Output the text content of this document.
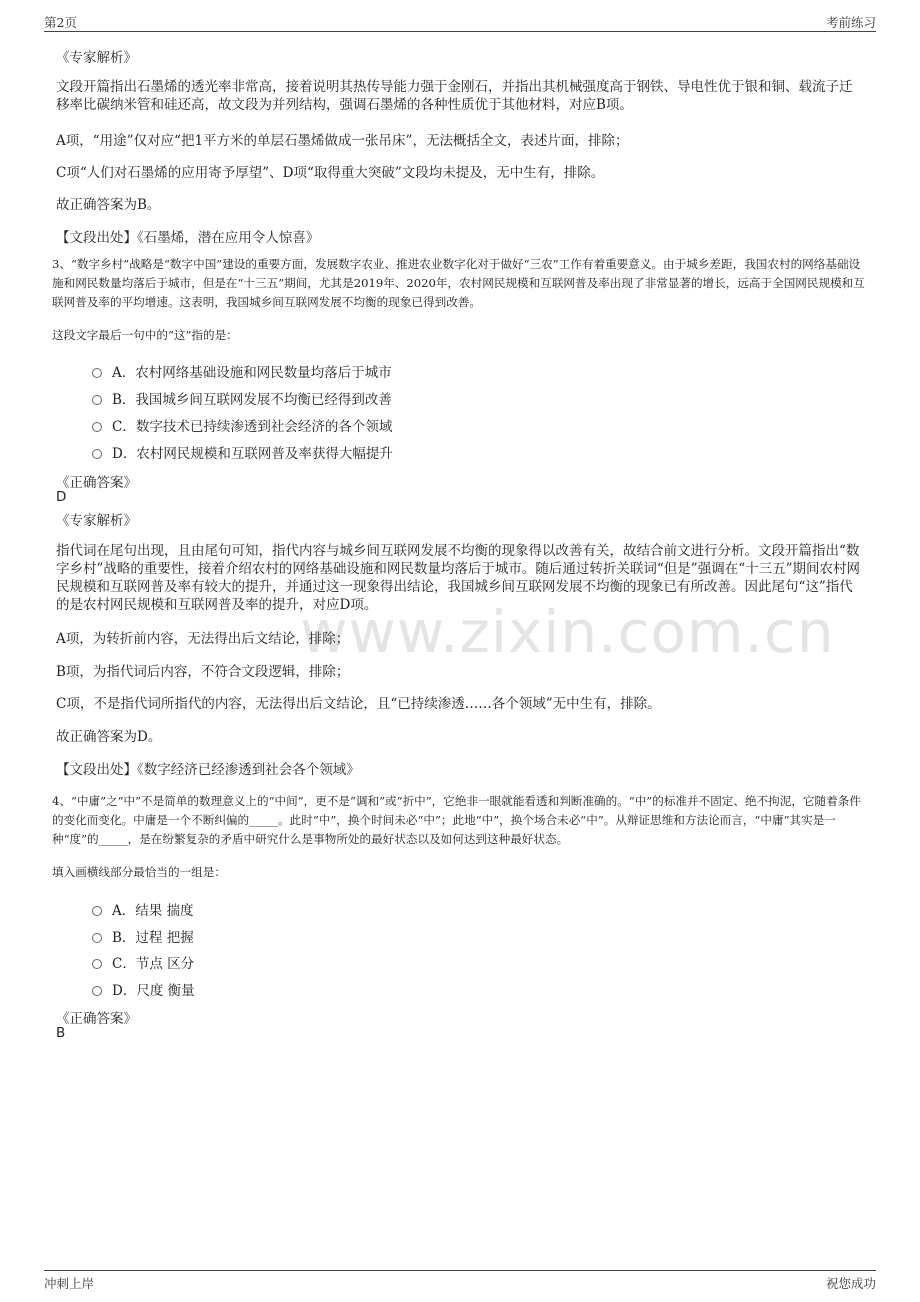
第2页	考前练习
www.zixin.com.cn
《专家解析》
文段开篇指出石墨烯的透光率非常高，接着说明其热传导能力强于金刚石，并指出其机械强度高于钢铁、导电性优于银和铜、载流子迁移率比碳纳米管和硅还高，故文段为并列结构，强调石墨烯的各种性质优于其他材料，对应B项。
A项，“用途”仅对应“把1平方米的单层石墨烯做成一张吊床”，无法概括全文，表述片面，排除；
C项“人们对石墨烯的应用寄予厚望”、D项“取得重大突破”文段均未提及，无中生有，排除。
故正确答案为B。
【文段出处】《石墨烯，潜在应用令人惊喜》
3、“数字乡村”战略是“数字中国”建设的重要方面，发展数字农业、推进农业数字化对于做好“三农”工作有着重要意义。由于城乡差距，我国农村的网络基础设施和网民数量均落后于城市，但是在“十三五”期间，尤其是2019年、2020年，农村网民规模和互联网普及率出现了非常显著的增长，远高于全国网民规模和互联网普及率的平均增速。这表明，我国城乡间互联网发展不均衡的现象已得到改善。
这段文字最后一句中的“这”指的是：
A．农村网络基础设施和网民数量均落后于城市
B．我国城乡间互联网发展不均衡已经得到改善
C．数字技术已持续渗透到社会经济的各个领域
D．农村网民规模和互联网普及率获得大幅提升
《正确答案》
D
《专家解析》
指代词在尾句出现，且由尾句可知，指代内容与城乡间互联网发展不均衡的现象得以改善有关，故结合前文进行分析。文段开篇指出“数字乡村”战略的重要性，接着介绍农村的网络基础设施和网民数量均落后于城市。随后通过转折关联词“但是”强调在“十三五”期间农村网民规模和互联网普及率有较大的提升，并通过这一现象得出结论，我国城乡间互联网发展不均衡的现象已有所改善。因此尾句“这”指代的是农村网民规模和互联网普及率的提升，对应D项。
A项，为转折前内容，无法得出后文结论，排除；
B项，为指代词后内容，不符合文段逻辑，排除；
C项，不是指代词所指代的内容，无法得出后文结论，且“已持续渗透……各个领域”无中生有，排除。
故正确答案为D。
【文段出处】《数字经济已经渗透到社会各个领域》
4、“中庸”之“中”不是简单的数理意义上的“中间”，更不是“调和”或“折中”，它绝非一眼就能看透和判断准确的。“中”的标准并不固定、绝不拘泥，它随着条件的变化而变化。中庸是一个不断纠偏的_____。此时“中”，换个时间未必“中”；此地“中”，换个场合未必“中”。从辩证思维和方法论而言，“中庸”其实是一种“度”的_____，是在纷繁复杂的矛盾中研究什么是事物所处的最好状态以及如何达到这种最好状态。
填入画横线部分最恰当的一组是：
A．结果 揣度
B．过程 把握
C．节点 区分
D．尺度 衡量
《正确答案》
B
冲刺上岸	祝您成功
